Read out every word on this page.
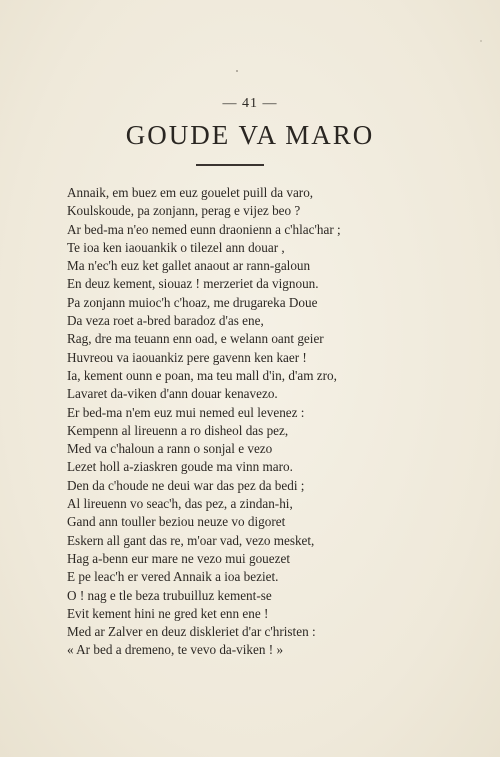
— 41 —
GOUDE VA MARO
Annaik, em buez em euz gouelet puill da varo,
Koulskoude, pa zonjann, perag e vijez beo ?
Ar bed-ma n'eo nemed eunn draonienn a c'hlac'har ;
Te ioa ken iaouankik o tilezel ann douar ,
Ma n'ec'h euz ket gallet anaout ar rann-galoun
En deuz kement, siouaz ! merzeriet da vignoun.
Pa zonjann muioc'h c'hoaz, me drugareka Doue
Da veza roet a-bred baradoz d'as ene,
Rag, dre ma teuann enn oad, e welann oant geier
Huvreou va iaouankiz pere gavenn ken kaer !
Ia, kement ounn e poan, ma teu mall d'in, d'am zro,
Lavaret da-viken d'ann douar kenavezo.
Er bed-ma n'em euz mui nemed eul levenez :
Kempenn al lireuenn a ro disheol das pez,
Med va c'haloun a rann o sonjal e vezo
Lezet holl a-ziaskren goude ma vinn maro.
Den da c'houde ne deui war das pez da bedi ;
Al lireuenn vo seac'h, das pez, a zindan-hi,
Gand ann touller beziou neuze vo digoret
Eskern all gant das re, m'oar vad, vezo mesket,
Hag a-benn eur mare ne vezo mui gouezet
E pe leac'h er vered Annaik a ioa beziet.
O ! nag e tle beza trubuilluz kement-se
Evit kement hini ne gred ket enn ene !
Med ar Zalver en deuz diskleriet d'ar c'hristen :
« Ar bed a dremeno, te vevo da-viken ! »
